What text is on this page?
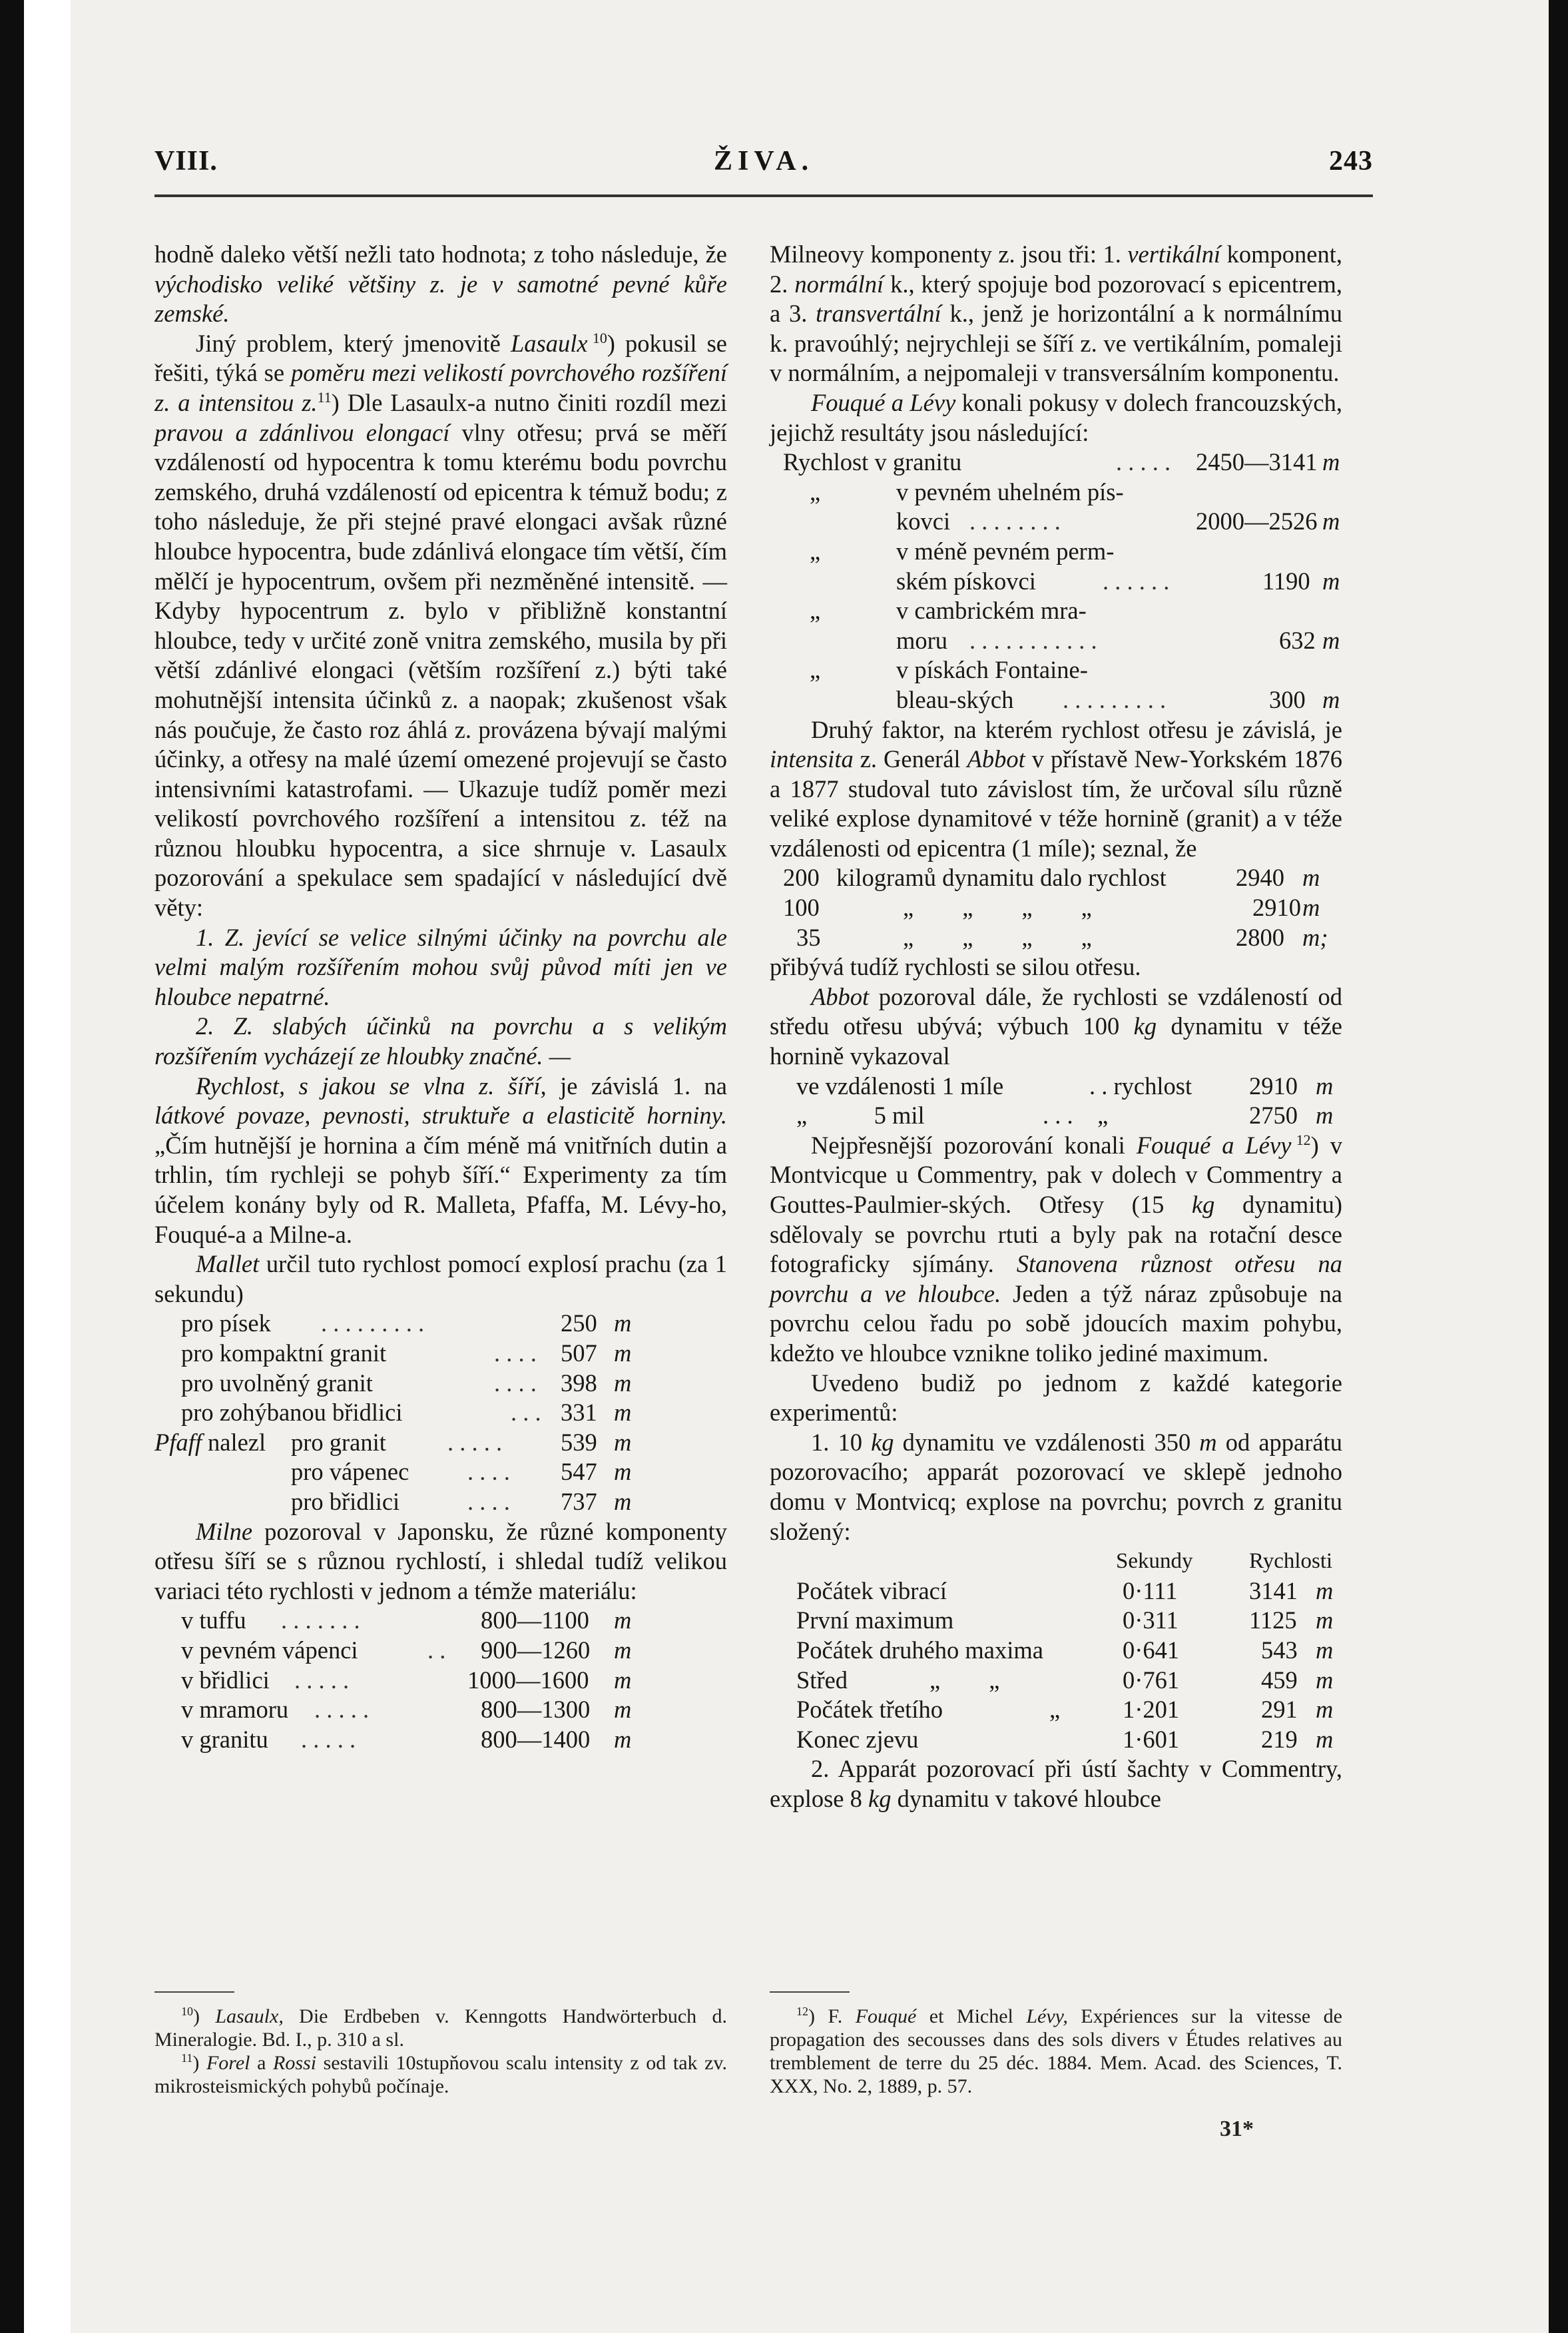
VIII.	ŽIVA.	243

hodně daleko větší nežli tato hodnota; z toho následuje, že východisko veliké většiny z. je v samotné pevné kůře zemské.

Jiný problem, který jmenovitě Lasaulx  $^{10}$) pokusil se řešiti, týká se poměru mezi velikostí povrchového rozšíření z. a intensitou z.$^{11}$) Dle Lasaulx-a nutno činiti rozdíl mezi pravou a zdánlivou elongací vlny otřesu; prvá se měří vzdáleností od hypocentra k tomu kterému bodu povrchu zemského, druhá vzdáleností od epicentra k témuž bodu; z toho následuje, že při stejné pravé elongaci avšak různé hloubce hypocentra, bude zdánlivá elongace tím větší, čím mělčí je hypocentrum, ovšem při nezměněné intensitě. — Kdyby hypocentrum z. bylo v přibližně konstantní hloubce, tedy v určité zoně vnitra zemského, musila by při větší zdánlivé elongaci (větším rozšíření z.) býti také mohutnější intensita účinků z. a naopak; zkušenost však nás poučuje, že často roz áhlá z. provázena bývají malými účinky, a otřesy na malé území omezené projevují se často intensivními katastrofami. — Ukazuje tudíž poměr mezi velikostí povrchového rozšíření a intensitou z. též na různou hloubku hypocentra, a sice shrnuje v. Lasaulx pozorování a spekulace sem spadající v následující dvě věty:

1. Z. jevící se velice silnými účinky na povrchu ale velmi malým rozšířením mohou svůj původ míti jen ve hloubce nepatrné.

2. Z. slabých účinků na povrchu a s velikým rozšířením vycházejí ze hloubky značné. —

Rychlost, s jakou se vlna z. šíří, je závislá 1. na látkové povaze, pevnosti, struktuře a elasticitě horniny. „Čím hutnější je hornina a čím méně má vnitřních dutin a trhlin, tím rychleji se pohyb šíří.“ Experimenty za tím účelem konány byly od R. Malleta, Pfaffa, M. Lévy-ho, Fouqué-a a Milne-a.

Mallet určil tuto rychlost pomocí explosí prachu (za 1 sekundu)

pro písek . . . . . . . . .	250 m
pro kompaktní granit	. . . . 507 m
pro uvolněný granit	. . . . 398 m
pro zohýbanou břidlici	. . . 331 m
Pfaff nalezl pro granit	. . . . . 539 m
pro vápenec . . . . 547 m
pro břidlici	. . . . 737 m

Milne pozoroval v Japonsku, že různé komponenty otřesu šíří se s různou rychlostí, i shledal tudíž velikou variaci této rychlosti v jednom a témže materiálu:

v tuffu . . . . . . .	800—1100 m
v pevném vápenci	. . 900—1260 m
v břidlici . . . . .	1000—1600 m
v mramoru . . . . .	800—1300 m
v granitu . . . . .	800—1400 m

Milneovy komponenty z. jsou tři: 1. vertikální komponent, 2. normální k., který spojuje bod pozorovací s epicentrem, a 3. transvertální k., jenž je horizontální a k normálnímu k. pravoúhlý; nejrychleji se šíří z. ve vertikálním, pomaleji v normálním, a nejpomaleji v transversálním komponentu.

Fouqué a Lévy konali pokusy v dolech francouzských, jejichž resultáty jsou následující:

Rychlost v granitu	. . . . . 2450—3141 m
„	v pevném uhelném pís-
kovci . . . . . . . .	2000—2526 m
„	v méně pevném perm-
ském pískovci	. . . . . .	1190 m
„	v cambrickém mra-
moru . . . . . . . . . . .	632 m
„	v pískách Fontaine-
bleau-ských . . . . . . . . .	300 m

Druhý faktor, na kterém rychlost otřesu je závislá, je intensita z. Generál Abbot v přístavě New-Yorkském 1876 a 1877 studoval tuto závislost tím, že určoval sílu různě veliké explose dynamitové v téže hornině (granit) a v téže vzdálenosti od epicentra (1 míle); seznal, že

200 kilogramů dynamitu dalo rychlost	2940 m
100	„        „        „        „	2910 m
35	„        „        „        „	2800 m;

přibývá tudíž rychlosti se silou otřesu.

Abbot pozoroval dále, že rychlosti se vzdáleností od středu otřesu ubývá; výbuch 100 kg dynamitu v téže hornině vykazoval

ve vzdálenosti 1 míle	. . rychlost 2910 m
„           5 mil	. . .    „	2750 m

Nejpřesnější pozorování konali Fouqué a Lévy  $^{12}$) v Montvicque u Commentry, pak v dolech v Commentry a Gouttes-Paulmier-ských. Otřesy (15 kg dynamitu) sdělovaly se povrchu rtuti a byly pak na rotační desce fotograficky sjímány. Stanovena různost otřesu na povrchu a ve hloubce. Jeden a týž náraz způsobuje na povrchu celou řadu po sobě jdoucích maxim pohybu, kdežto ve hloubce vznikne toliko jediné maximum.

Uvedeno budiž po jednom z každé kategorie experimentů:

1. 10 kg dynamitu ve vzdálenosti 350 m od apparátu pozorovacího; apparát pozorovací ve sklepě jednoho domu v Montvicq; explose na povrchu; povrch z granitu složený:

Sekundy	Rychlosti
Počátek vibrací	0·111	3141 m
První maximum	0·311	1125 m
Počátek druhého maxima	0·641	543 m
Střed	„        „	0·761	459 m
Počátek třetího	„	1·201	291 m
Konec zjevu	1·601	219 m

2. Apparát pozorovací při ústí šachty v Commentry, explose 8 kg dynamitu v takové hloubce

$^{10}$) Lasaulx, Die Erdbeben v. Kenngotts Handwörterbuch d. Mineralogie. Bd. I., p. 310 a sl.

$^{11}$) Forel a Rossi sestavili 10stupňovou scalu intensity z od tak zv. mikrosteismických pohybů počínaje.

$^{12}$) F. Fouqué et Michel Lévy, Expériences sur la vitesse de propagation des secousses dans des sols divers v Études relatives au tremblement de terre du 25 déc. 1884. Mem. Acad. des Sciences, T. XXX, No. 2, 1889, p. 57.

31*
